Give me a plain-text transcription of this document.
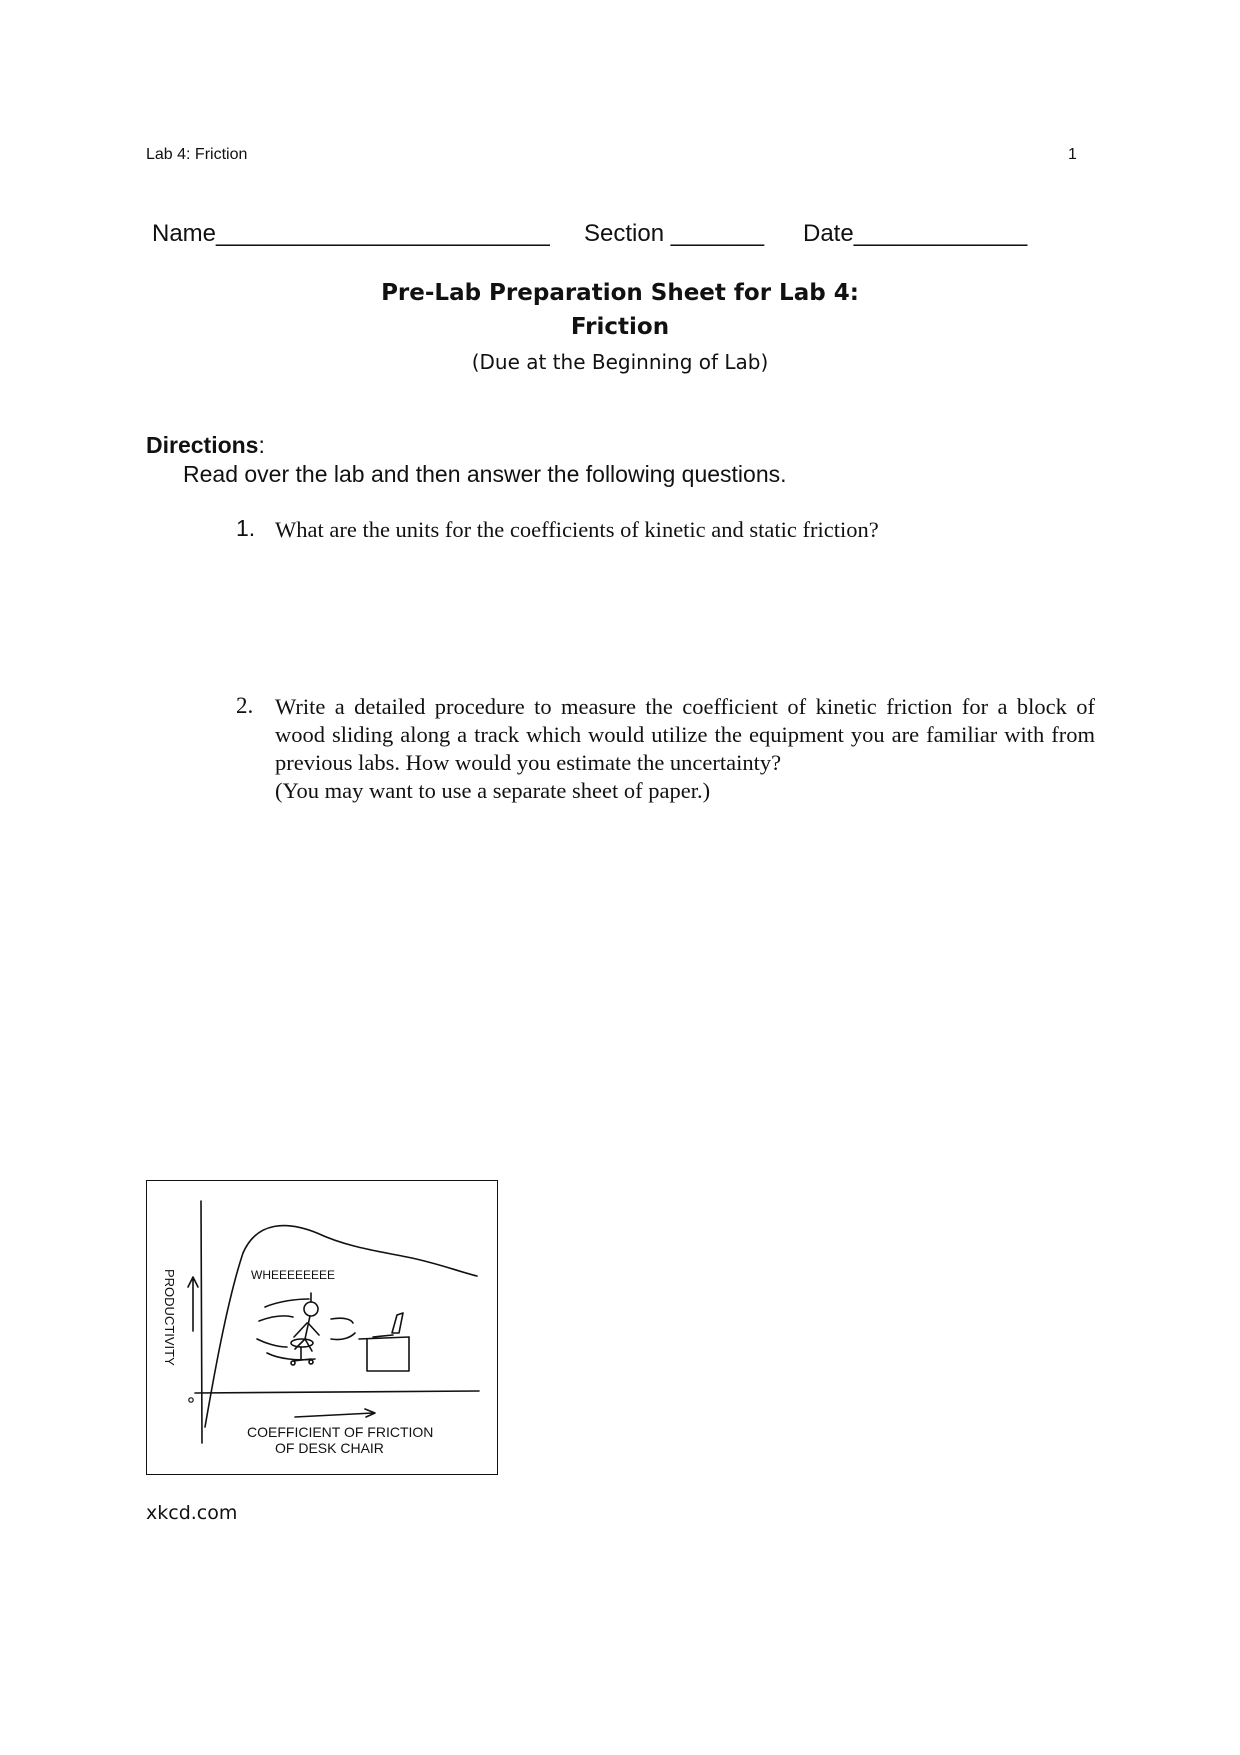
Lab 4: Friction	1
Name_________________________ Section _______ Date_____________
Pre-Lab Preparation Sheet for Lab 4:
Friction
(Due at the Beginning of Lab)
Directions:
Read over the lab and then answer the following questions.
1. What are the units for the coefficients of kinetic and static friction?
2. Write a detailed procedure to measure the coefficient of kinetic friction for a block of wood sliding along a track which would utilize the equipment you are familiar with from previous labs. How would you estimate the uncertainty?
(You may want to use a separate sheet of paper.)
WHEEEEEEEE
PRODUCTIVITY
COEFFICIENT OF FRICTION
OF DESK CHAIR
xkcd.com
